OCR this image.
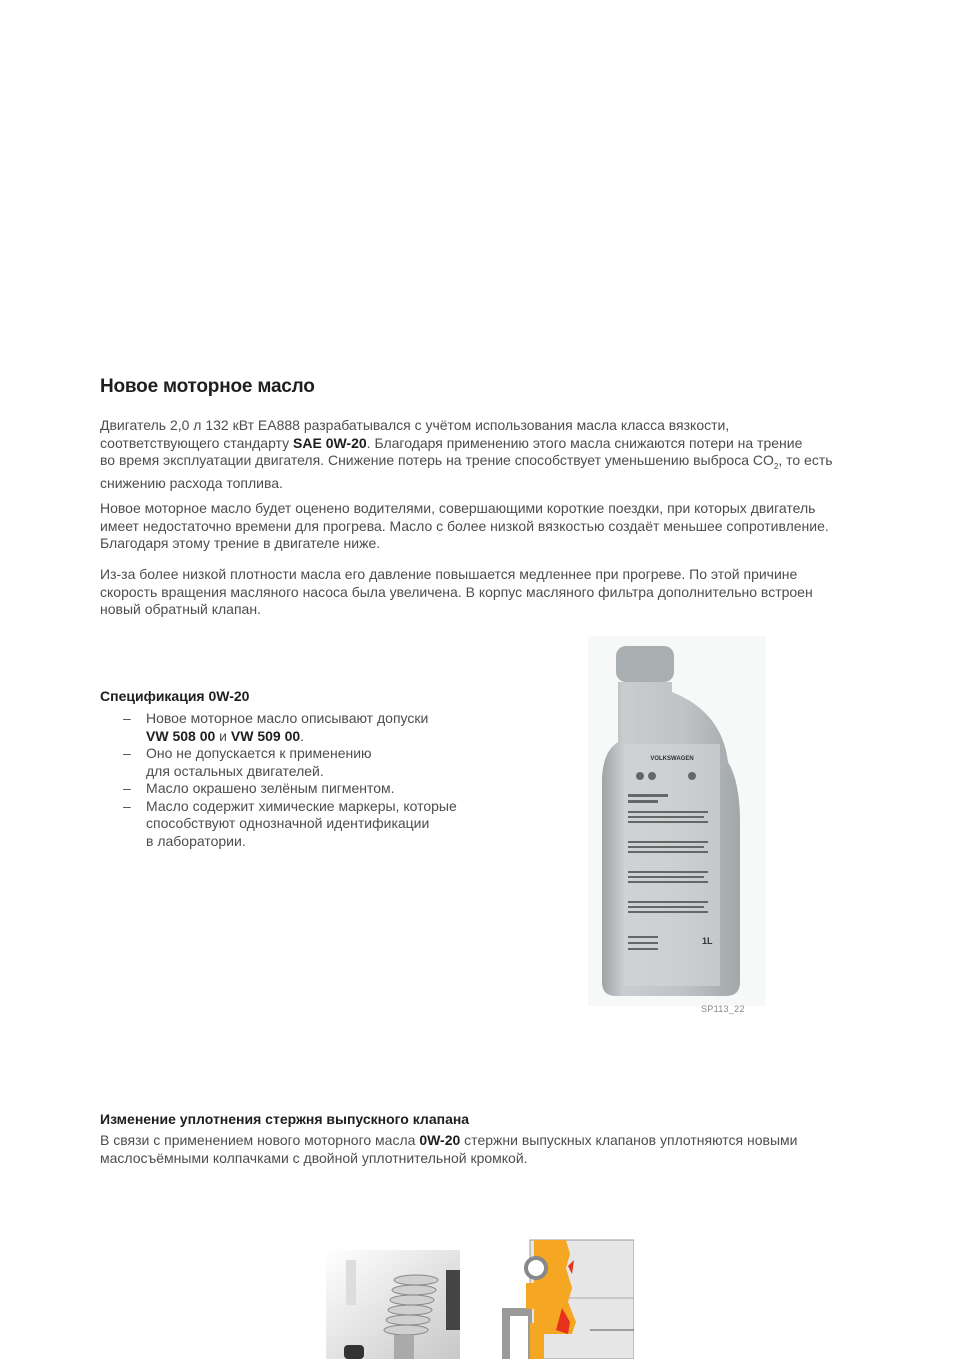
Новое моторное масло
Двигатель 2,0 л 132 кВт EA888 разрабатывался с учётом использования масла класса вязкости,
соответствующего стандарту SAE 0W-20. Благодаря применению этого масла снижаются потери на трение
во время эксплуатации двигателя. Снижение потерь на трение способствует уменьшению выброса $CO_2$, то есть
снижению расхода топлива.
Новое моторное масло будет оценено водителями, совершающими короткие поездки, при которых двигатель
имеет недостаточно времени для прогрева. Масло с более низкой вязкостью создаёт меньшее сопротивление.
Благодаря этому трение в двигателе ниже.
Из-за более низкой плотности масла его давление повышается медленнее при прогреве. По этой причине
скорость вращения масляного насоса была увеличена. В корпус масляного фильтра дополнительно встроен
новый обратный клапан.
Спецификация 0W-20
– Новое моторное масло описывают допуски
VW 508 00 и VW 509 00.
– Оно не допускается к применению
для остальных двигателей.
– Масло окрашено зелёным пигментом.
– Масло содержит химические маркеры, которые
способствуют однозначной идентификации
в лаборатории.
VOLKSWAGEN
1L
SP113_22
Изменение уплотнения стержня выпускного клапана
В связи с применением нового моторного масла 0W-20 стержни выпускных клапанов уплотняются новыми
маслосъёмными колпачками с двойной уплотнительной кромкой.
